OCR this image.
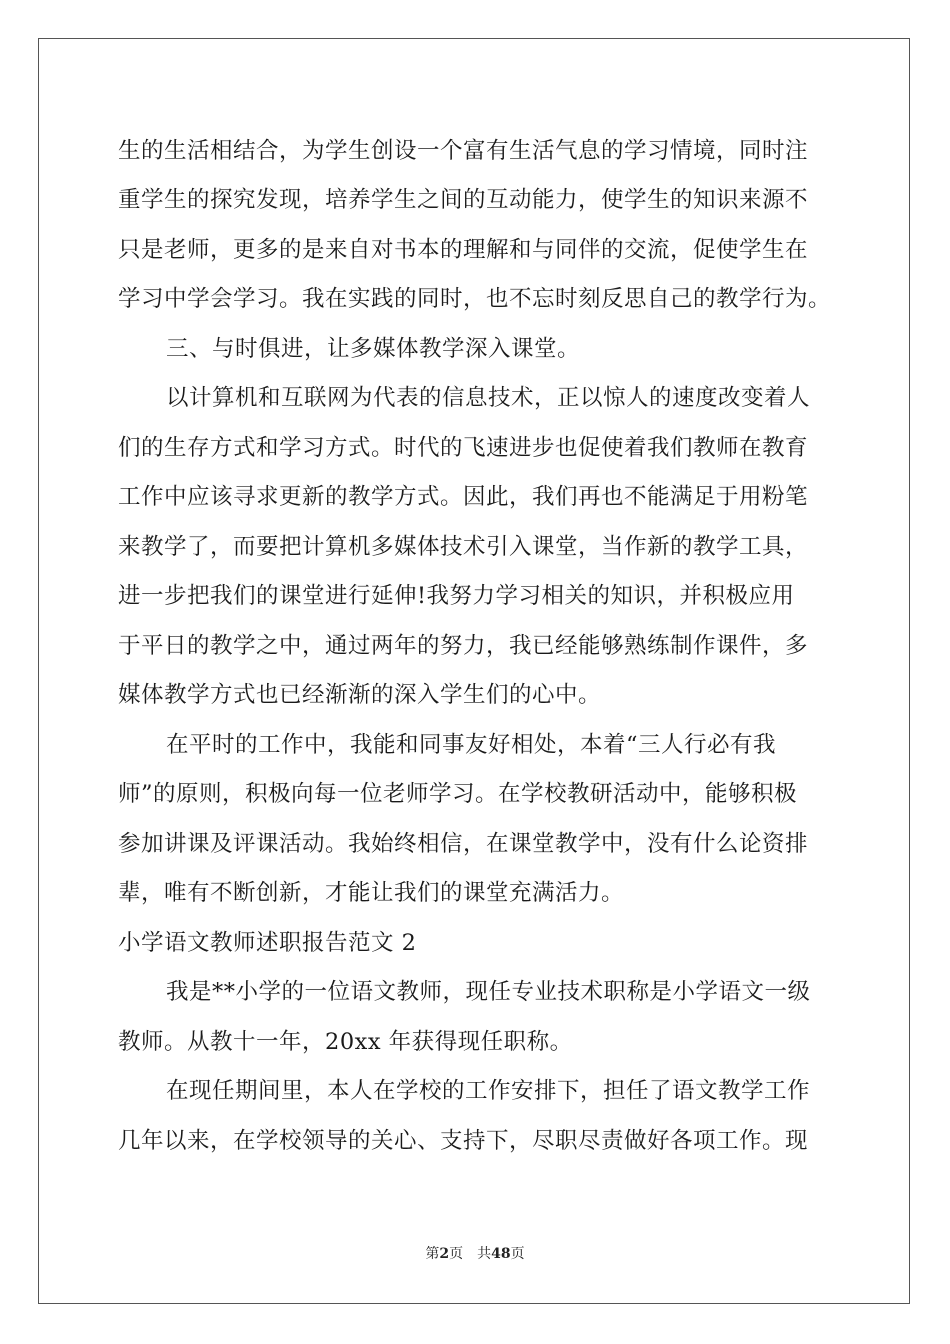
生的生活相结合，为学生创设一个富有生活气息的学习情境，同时注
重学生的探究发现，培养学生之间的互动能力，使学生的知识来源不
只是老师，更多的是来自对书本的理解和与同伴的交流，促使学生在
学习中学会学习。我在实践的同时，也不忘时刻反思自己的教学行为。
三、与时俱进，让多媒体教学深入课堂。
以计算机和互联网为代表的信息技术，正以惊人的速度改变着人
们的生存方式和学习方式。时代的飞速进步也促使着我们教师在教育
工作中应该寻求更新的教学方式。因此，我们再也不能满足于用粉笔
来教学了，而要把计算机多媒体技术引入课堂，当作新的教学工具，
进一步把我们的课堂进行延伸!我努力学习相关的知识，并积极应用
于平日的教学之中，通过两年的努力，我已经能够熟练制作课件，多
媒体教学方式也已经渐渐的深入学生们的心中。
在平时的工作中，我能和同事友好相处，本着“三人行必有我
师”的原则，积极向每一位老师学习。在学校教研活动中，能够积极
参加讲课及评课活动。我始终相信，在课堂教学中，没有什么论资排
辈，唯有不断创新，才能让我们的课堂充满活力。
小学语文教师述职报告范文 2
我是**小学的一位语文教师，现任专业技术职称是小学语文一级
教师。从教十一年，20xx 年获得现任职称。
在现任期间里，本人在学校的工作安排下，担任了语文教学工作
几年以来，在学校领导的关心、支持下，尽职尽责做好各项工作。现
第2页 共48页
